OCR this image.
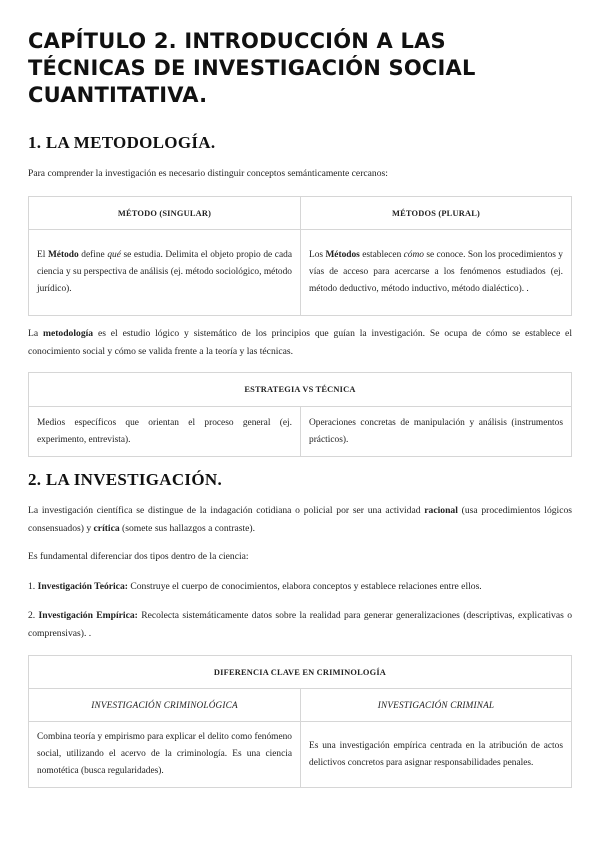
CAPÍTULO 2. INTRODUCCIÓN A LAS
TÉCNICAS DE INVESTIGACIÓN SOCIAL
CUANTITATIVA.
1. LA METODOLOGÍA.

Para comprender la investigación es necesario distinguir conceptos semánticamente cercanos:

MÉTODO (SINGULAR)	MÉTODOS (PLURAL)
El Método define qué se estudia. Delimita el objeto propio de cada ciencia y su perspectiva de análisis (ej. método sociológico, método jurídico).	Los Métodos establecen cómo se conoce. Son los procedimientos y vías de acceso para acercarse a los fenómenos estudiados (ej. método deductivo, método inductivo, método dialéctico). .

La metodología es el estudio lógico y sistemático de los principios que guían la investigación. Se ocupa de cómo se establece el conocimiento social y cómo se valida frente a la teoría y las técnicas.

ESTRATEGIA VS TÉCNICA
Medios específicos que orientan el proceso general (ej. experimento, entrevista).	Operaciones concretas de manipulación y análisis (instrumentos prácticos).
2. LA INVESTIGACIÓN.

La investigación científica se distingue de la indagación cotidiana o policial por ser una actividad racional (usa procedimientos lógicos consensuados) y crítica (somete sus hallazgos a contraste).

Es fundamental diferenciar dos tipos dentro de la ciencia:

1. Investigación Teórica: Construye el cuerpo de conocimientos, elabora conceptos y establece relaciones entre ellos.

2. Investigación Empírica: Recolecta sistemáticamente datos sobre la realidad para generar generalizaciones (descriptivas, explicativas o comprensivas). .

DIFERENCIA CLAVE EN CRIMINOLOGÍA	
INVESTIGACIÓN CRIMINOLÓGICA	INVESTIGACIÓN CRIMINAL
Combina teoría y empirismo para explicar el delito como fenómeno social, utilizando el acervo de la criminología. Es una ciencia nomotética (busca regularidades).	Es una investigación empírica centrada en la atribución de actos delictivos concretos para asignar responsabilidades penales.
